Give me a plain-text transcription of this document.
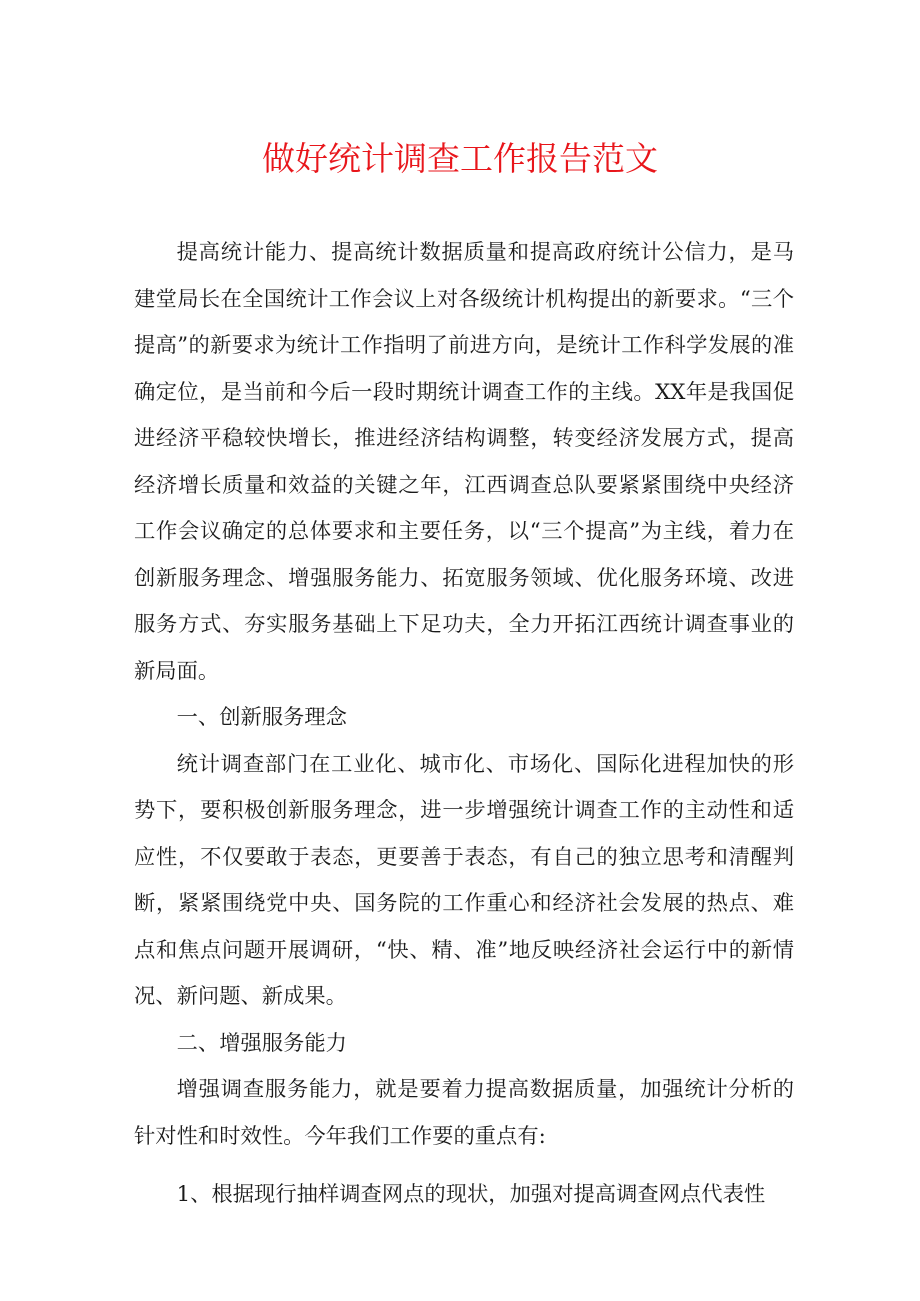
做好统计调查工作报告范文

提高统计能力、提高统计数据质量和提高政府统计公信力，是马建堂局长在全国统计工作会议上对各级统计机构提出的新要求。“三个提高”的新要求为统计工作指明了前进方向，是统计工作科学发展的准确定位，是当前和今后一段时期统计调查工作的主线。XX年是我国促进经济平稳较快增长，推进经济结构调整，转变经济发展方式，提高经济增长质量和效益的关键之年，江西调查总队要紧紧围绕中央经济工作会议确定的总体要求和主要任务，以“三个提高”为主线，着力在创新服务理念、增强服务能力、拓宽服务领域、优化服务环境、改进服务方式、夯实服务基础上下足功夫，全力开拓江西统计调查事业的新局面。

一、创新服务理念

统计调查部门在工业化、城市化、市场化、国际化进程加快的形势下，要积极创新服务理念，进一步增强统计调查工作的主动性和适应性，不仅要敢于表态，更要善于表态，有自己的独立思考和清醒判断，紧紧围绕党中央、国务院的工作重心和经济社会发展的热点、难点和焦点问题开展调研，“快、精、准”地反映经济社会运行中的新情况、新问题、新成果。

二、增强服务能力

增强调查服务能力，就是要着力提高数据质量，加强统计分析的针对性和时效性。今年我们工作要的重点有:

1、根据现行抽样调查网点的现状，加强对提高调查网点代表性
